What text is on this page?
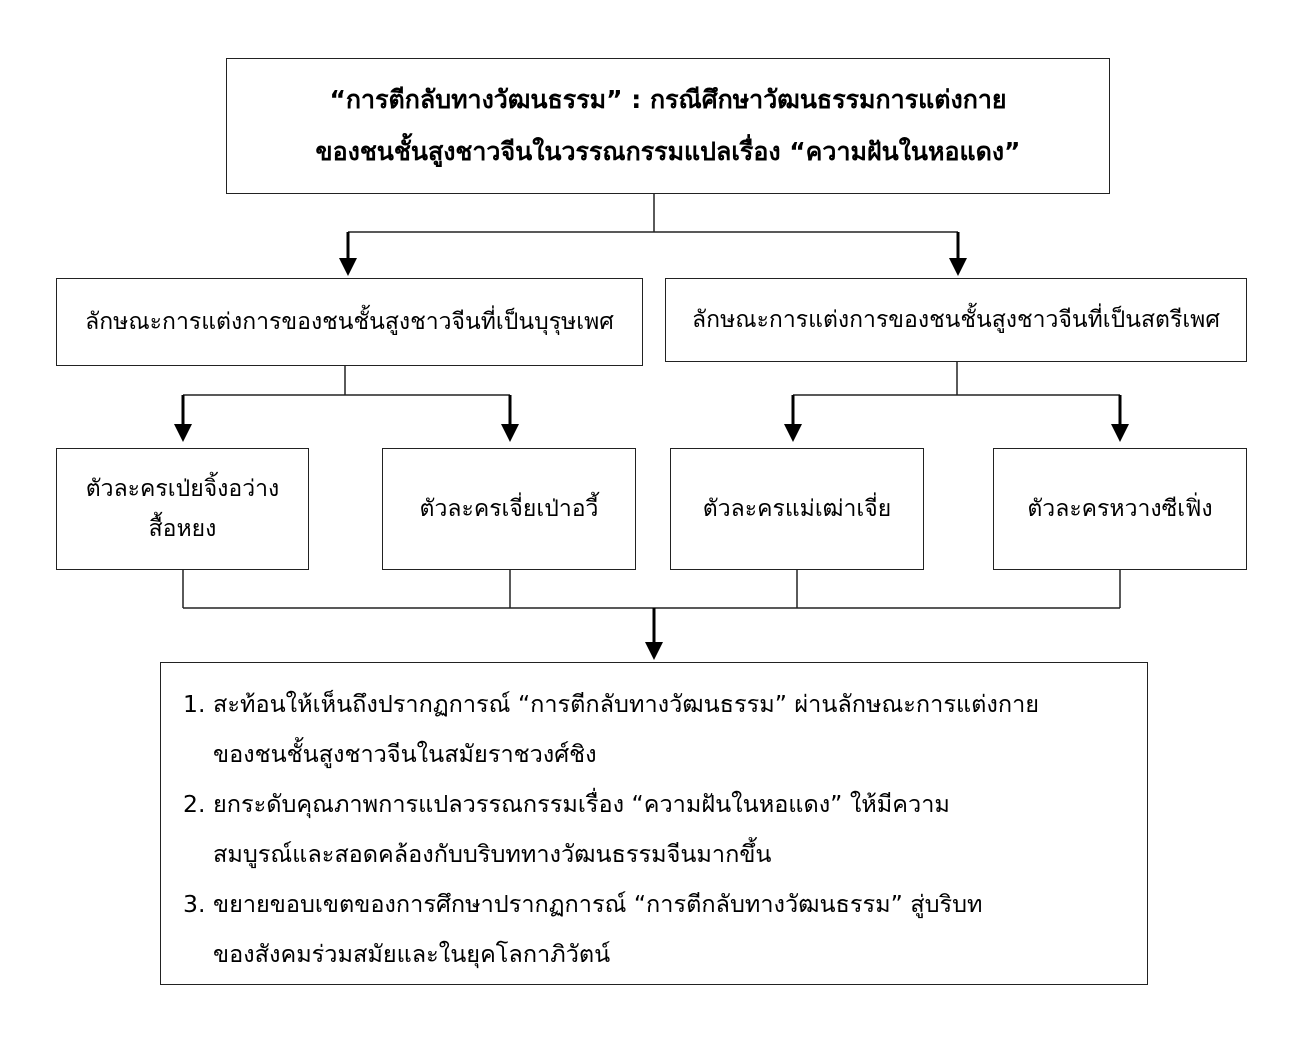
“การตีกลับทางวัฒนธรรม” : กรณีศึกษาวัฒนธรรมการแต่งกาย
ของชนชั้นสูงชาวจีนในวรรณกรรมแปลเรื่อง “ความฝันในหอแดง”
ลักษณะการแต่งการของชนชั้นสูงชาวจีนที่เป็นบุรุษเพศ	ลักษณะการแต่งการของชนชั้นสูงชาวจีนที่เป็นสตรีเพศ
ตัวละครเป่ยจิ้งอว่าง
สื้อหยง
ตัวละครเจี่ยเป่าอวี้	ตัวละครแม่เฒ่าเจี่ย	ตัวละครหวางซีเฟิ่ง
1. สะท้อนให้เห็นถึงปรากฏการณ์ “การตีกลับทางวัฒนธรรม” ผ่านลักษณะการแต่งกาย
ของชนชั้นสูงชาวจีนในสมัยราชวงศ์ชิง
2. ยกระดับคุณภาพการแปลวรรณกรรมเรื่อง “ความฝันในหอแดง” ให้มีความ
สมบูรณ์และสอดคล้องกับบริบททางวัฒนธรรมจีนมากขึ้น
3. ขยายขอบเขตของการศึกษาปรากฏการณ์ “การตีกลับทางวัฒนธรรม” สู่บริบท
ของสังคมร่วมสมัยและในยุคโลกาภิวัตน์
